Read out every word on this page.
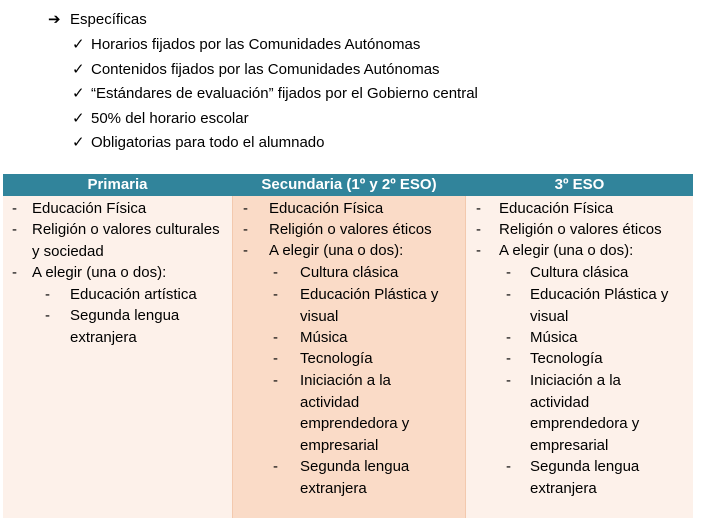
➔ Específicas
✓ Horarios fijados por las Comunidades Autónomas
✓ Contenidos fijados por las Comunidades Autónomas
✓ “Estándares de evaluación” fijados por el Gobierno central
✓ 50% del horario escolar
✓ Obligatorias para todo el alumnado
Primaria	Secundaria (1º y 2º ESO)	3º ESO
- Educación Física
- Religión o valores culturales y sociedad
- A elegir (una o dos):
- Educación artística
- Segunda lengua extranjera
- Educación Física
- Religión o valores éticos
- A elegir (una o dos):
- Cultura clásica
- Educación Plástica y visual
- Música
- Tecnología
- Iniciación a la actividad emprendedora y empresarial
- Segunda lengua extranjera
- Educación Física
- Religión o valores éticos
- A elegir (una o dos):
- Cultura clásica
- Educación Plástica y visual
- Música
- Tecnología
- Iniciación a la actividad emprendedora y empresarial
- Segunda lengua extranjera
